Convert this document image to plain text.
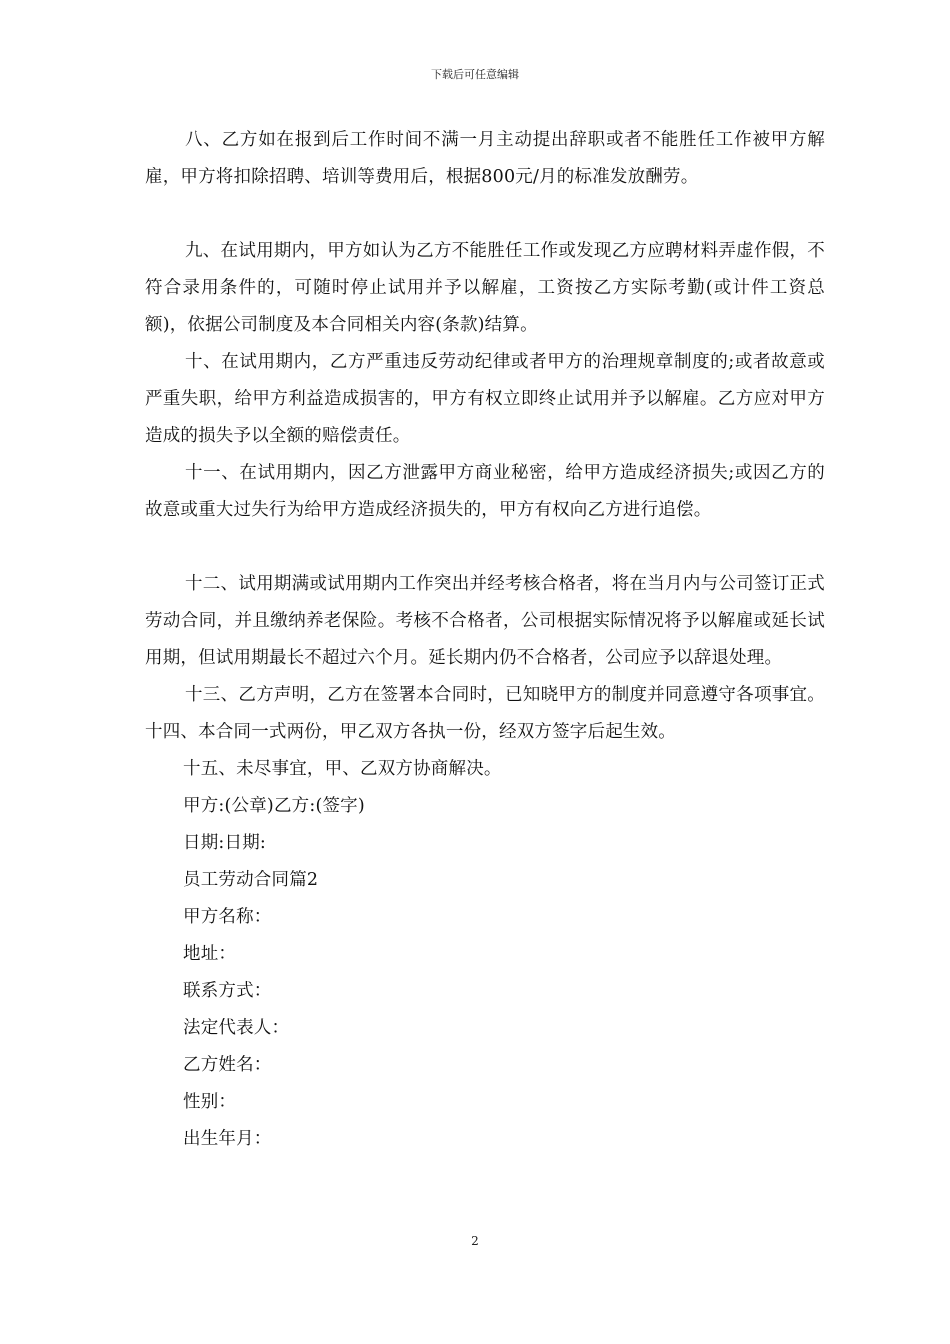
下载后可任意编辑

八、乙方如在报到后工作时间不满一月主动提出辞职或者不能胜任工作被甲方解雇，甲方将扣除招聘、培训等费用后，根据800元/月的标准发放酬劳。

九、在试用期内，甲方如认为乙方不能胜任工作或发现乙方应聘材料弄虚作假，不符合录用条件的，可随时停止试用并予以解雇，工资按乙方实际考勤(或计件工资总额)，依据公司制度及本合同相关内容(条款)结算。

十、在试用期内，乙方严重违反劳动纪律或者甲方的治理规章制度的;或者故意或严重失职，给甲方利益造成损害的，甲方有权立即终止试用并予以解雇。乙方应对甲方造成的损失予以全额的赔偿责任。

十一、在试用期内，因乙方泄露甲方商业秘密，给甲方造成经济损失;或因乙方的故意或重大过失行为给甲方造成经济损失的，甲方有权向乙方进行追偿。

十二、试用期满或试用期内工作突出并经考核合格者，将在当月内与公司签订正式劳动合同，并且缴纳养老保险。考核不合格者，公司根据实际情况将予以解雇或延长试用期，但试用期最长不超过六个月。延长期内仍不合格者，公司应予以辞退处理。

十三、乙方声明，乙方在签署本合同时，已知晓甲方的制度并同意遵守各项事宜。十四、本合同一式两份，甲乙双方各执一份，经双方签字后起生效。

十五、未尽事宜，甲、乙双方协商解决。

甲方:(公章)乙方:(签字)

日期:日期:

员工劳动合同篇2

甲方名称：

地址：

联系方式：

法定代表人：

乙方姓名：

性别：

出生年月：

2
